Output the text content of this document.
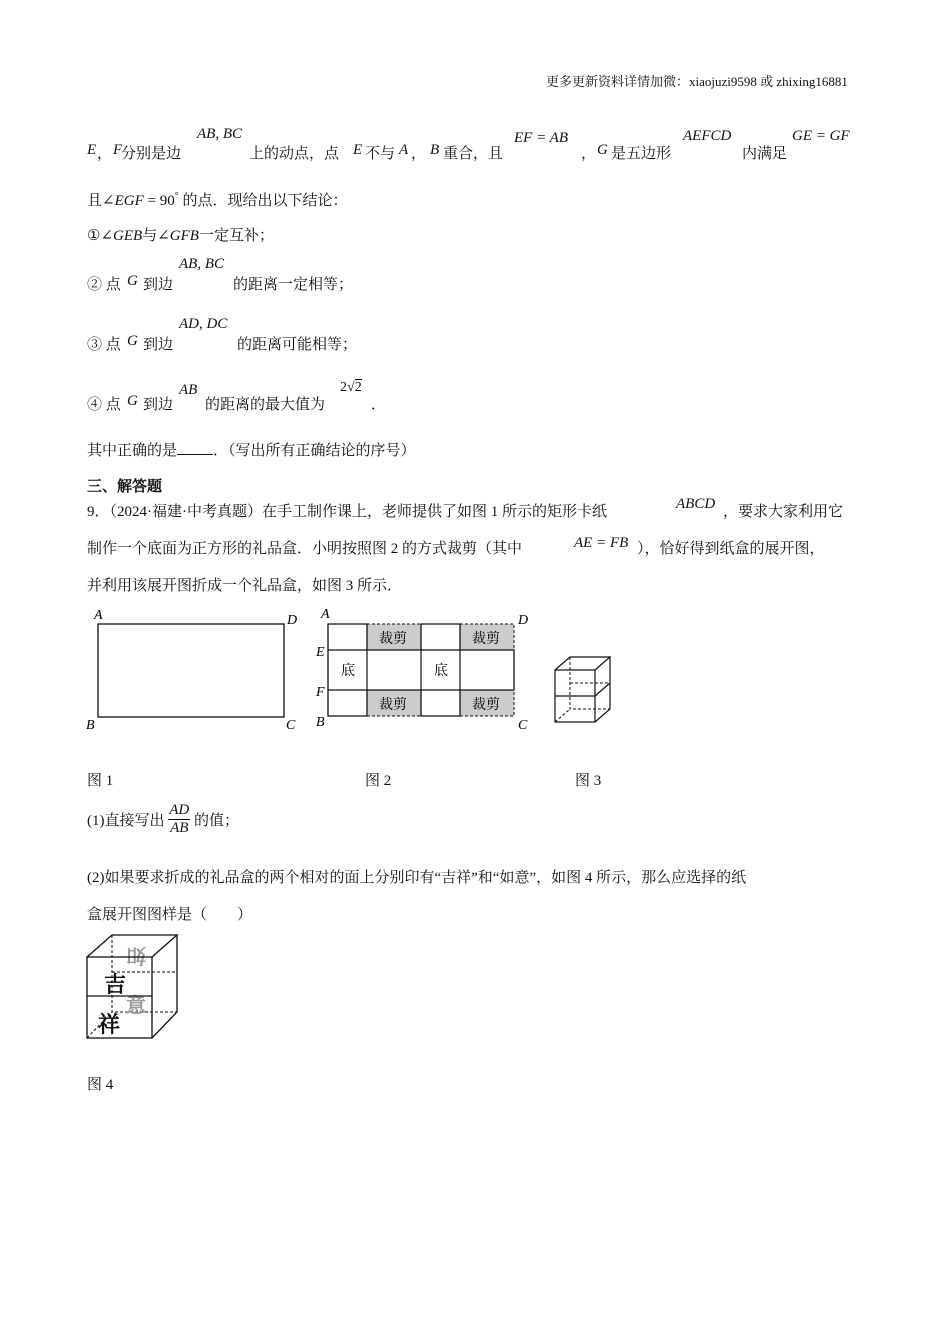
更多更新资料详情加微：xiaojuzi9598 或 zhixing16881
E ， F
分别是边
AB, BC
上的动点，点 E 不与 A ， B 重合，且
EF = AB
， G 是五边形
AEFCD
内满足
GE = GF
且∠EGF = 90° 的点．现给出以下结论：
①∠GEB与∠GFB一定互补；
② 点 G 到边
AB, BC
的距离一定相等；
③ 点 G 到边
AD, DC
的距离可能相等；
④ 点 G 到边
AB
的距离的最大值为
2√2
．
其中正确的是 ．（写出所有正确结论的序号）
三、解答题
9．（2024·福建·中考真题）在手工制作课上，老师提供了如图 1 所示的矩形卡纸	ABCD ，要求大家利用它
制作一个底面为正方形的礼品盒．小明按照图 2 的方式裁剪（其中	AE = FB ），恰好得到纸盒的展开图，
并利用该展开图折成一个礼品盒，如图 3 所示．
A	D
B	C
图 1
裁剪	裁剪
裁剪	裁剪
底	底
A	D
E
F
B	C
图 2	图 3
(1)直接写出 $\frac{AD}{AB}$ 的值；
(2)如果要求折成的礼品盒的两个相对的面上分别印有“吉祥”和“如意”，如图 4 所示，那么应选择的纸
盒展开图图样是（　　）
如
意
吉
祥
图 4
